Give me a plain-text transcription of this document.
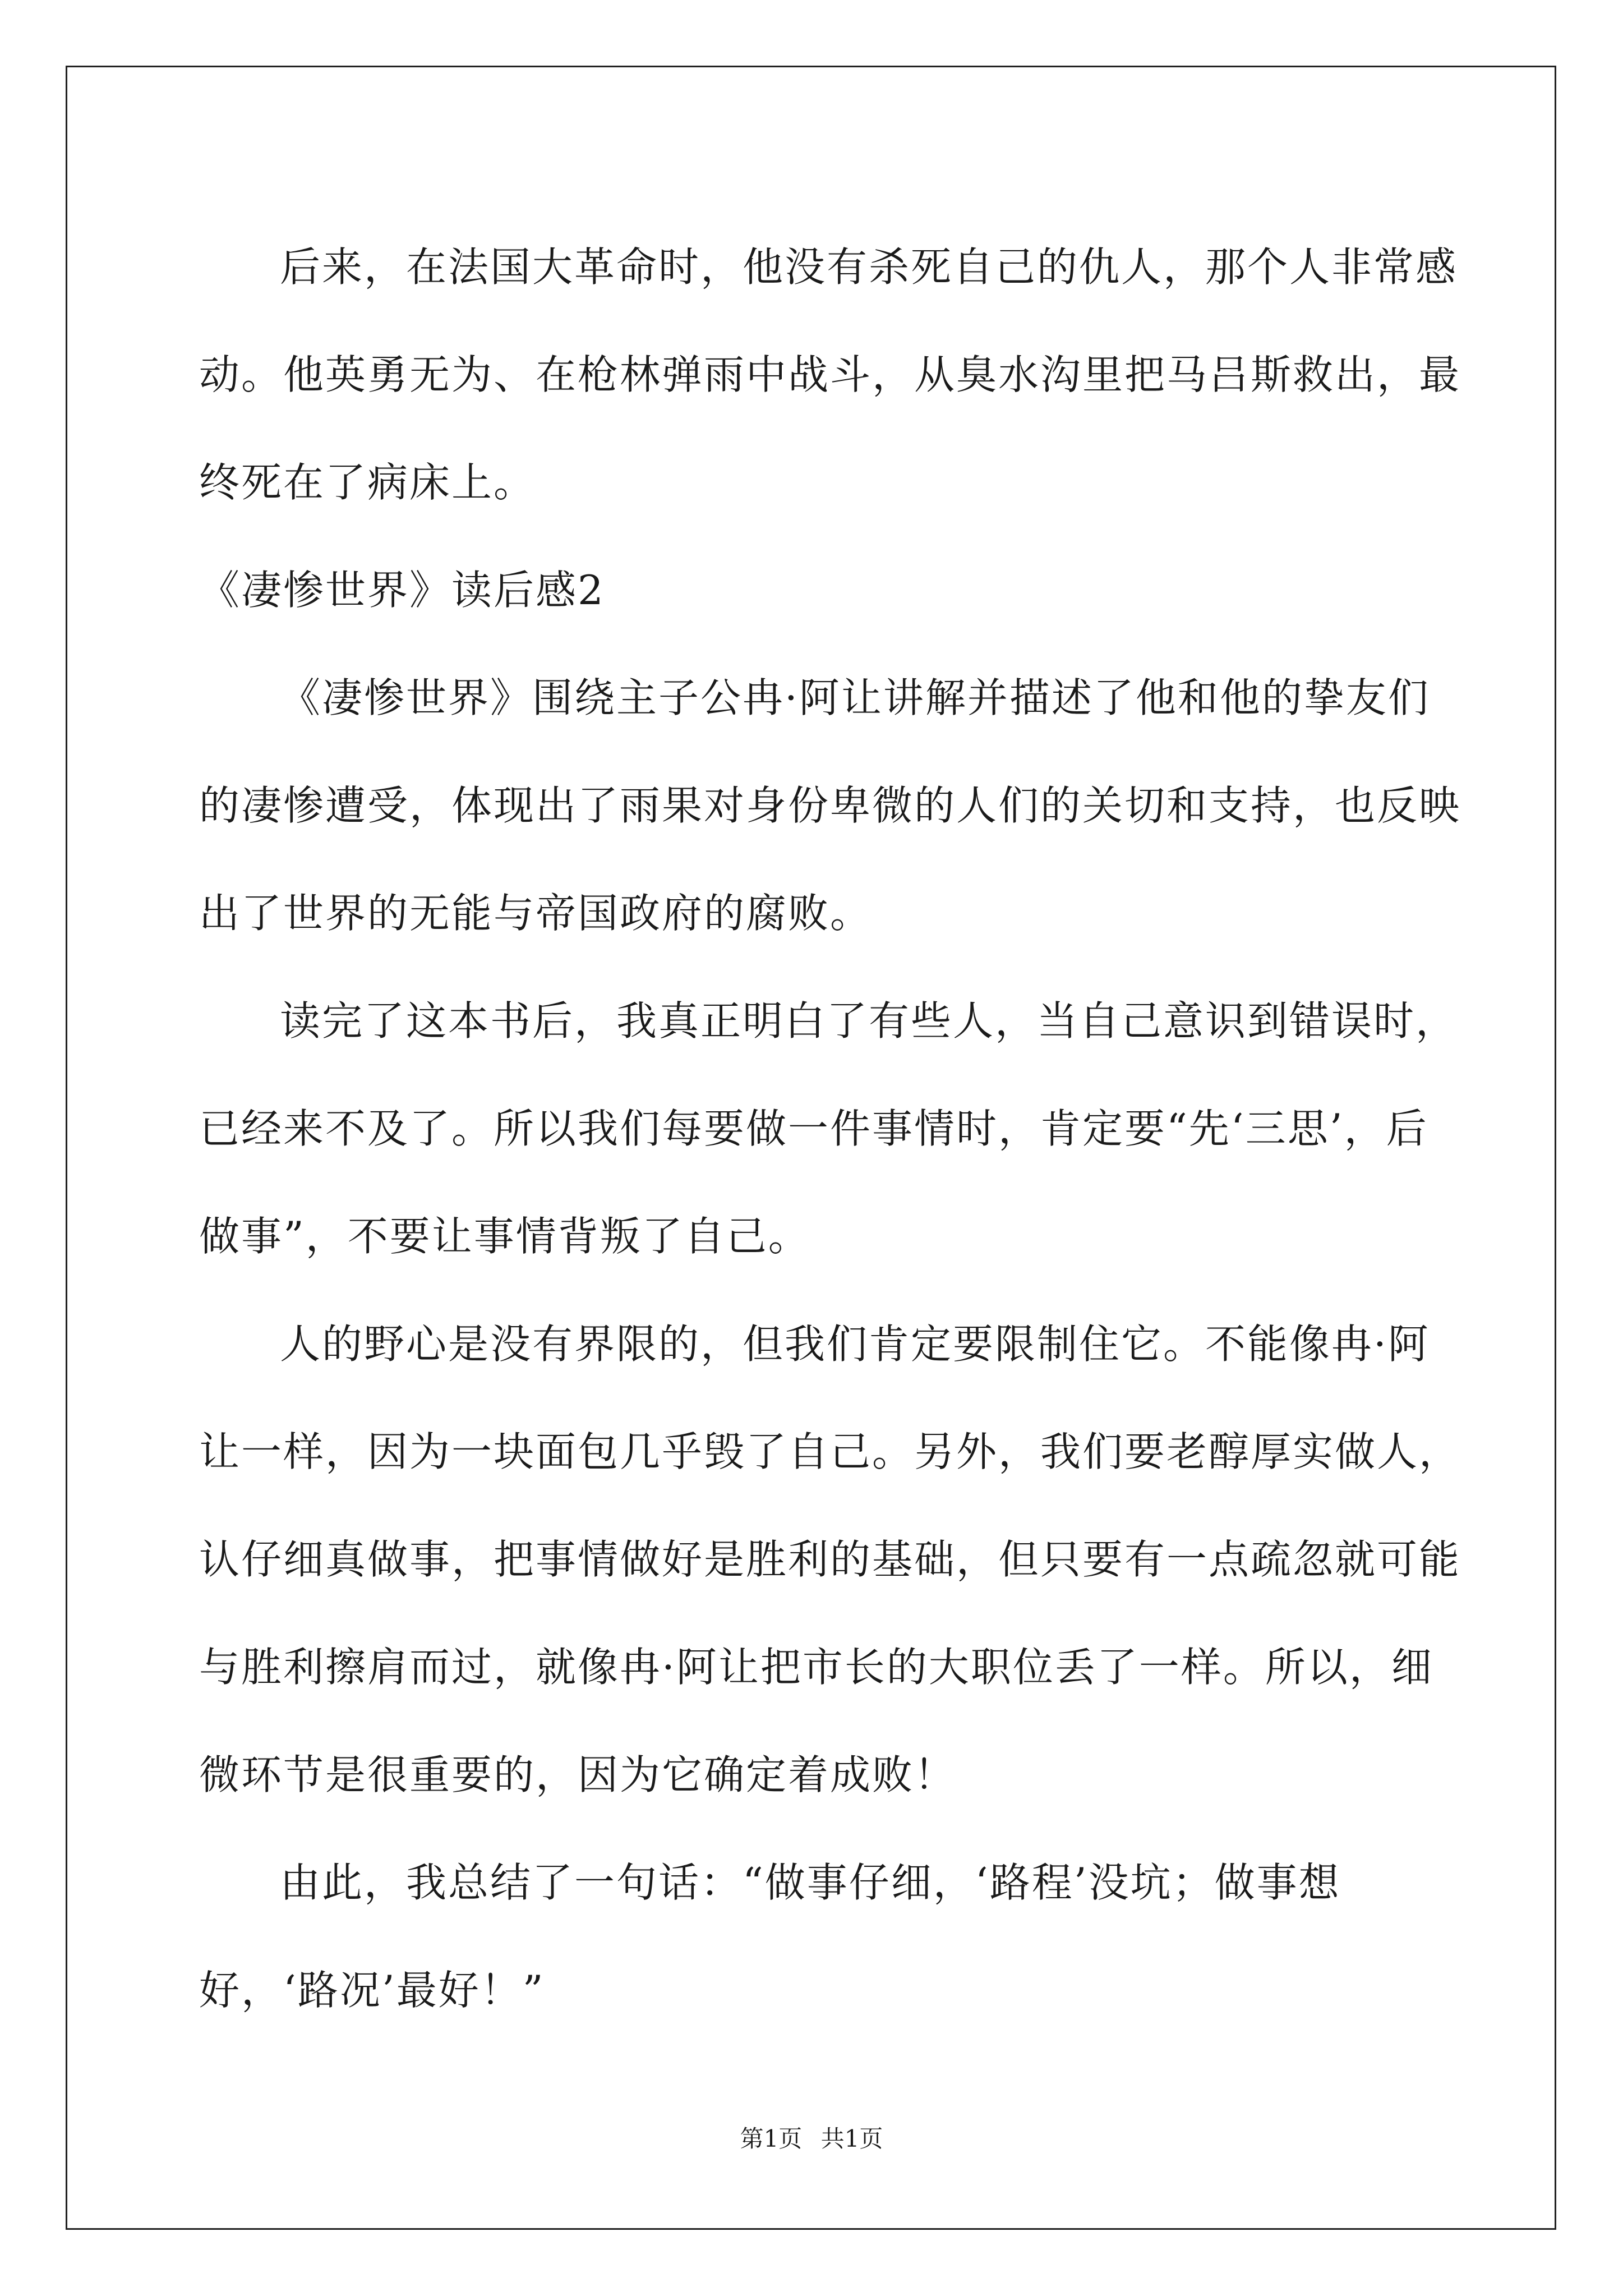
后来，在法国大革命时，他没有杀死自己的仇人，那个人非常感动。他英勇无为、在枪林弹雨中战斗，从臭水沟里把马吕斯救出，最终死在了病床上。

《凄惨世界》读后感2

《凄惨世界》围绕主子公冉·阿让讲解并描述了他和他的挚友们的凄惨遭受，体现出了雨果对身份卑微的人们的关切和支持，也反映出了世界的无能与帝国政府的腐败。

读完了这本书后，我真正明白了有些人，当自己意识到错误时，已经来不及了。所以我们每要做一件事情时，肯定要“先‘三思’，后做事”，不要让事情背叛了自己。

人的野心是没有界限的，但我们肯定要限制住它。不能像冉·阿让一样，因为一块面包几乎毁了自己。另外，我们要老醇厚实做人，认仔细真做事，把事情做好是胜利的基础，但只要有一点疏忽就可能与胜利擦肩而过，就像冉·阿让把市长的大职位丢了一样。所以，细微环节是很重要的，因为它确定着成败！

由此，我总结了一句话：“做事仔细，‘路程’没坑；做事想好，‘路况’最好！”

第1页 共1页
